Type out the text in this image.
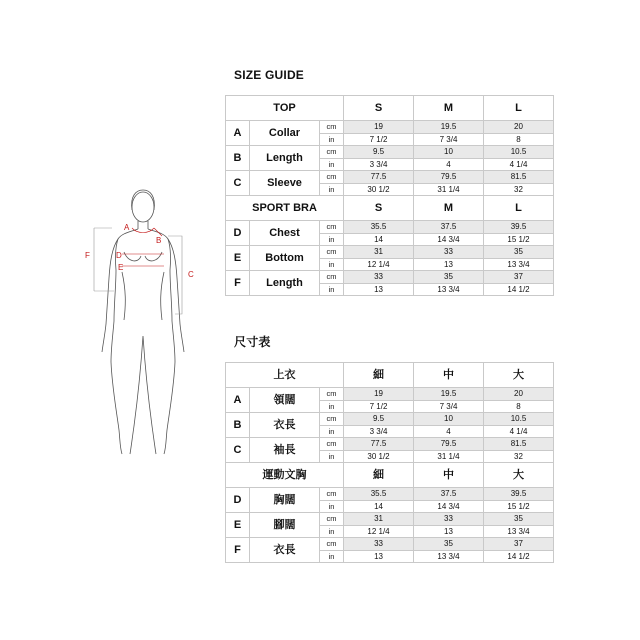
A
B
C
D
E
F
SIZE GUIDE
TOP			S	M	L
A	Collar	cm	19	19.5	20
		in	7 1/2	7 3/4	8
B	Length	cm	9.5	10	10.5
		in	3 3/4	4	4 1/4
C	Sleeve	cm	77.5	79.5	81.5
		in	30 1/2	31 1/4	32
SPORT BRA			S	M	L
D	Chest	cm	35.5	37.5	39.5
		in	14	14 3/4	15 1/2
E	Bottom	cm	31	33	35
		in	12 1/4	13	13 3/4
F	Length	cm	33	35	37
		in	13	13 3/4	14 1/2
尺寸表
上衣			細	中	大
A	領闊	cm	19	19.5	20
		in	7 1/2	7 3/4	8
B	衣長	cm	9.5	10	10.5
		in	3 3/4	4	4 1/4
C	袖長	cm	77.5	79.5	81.5
		in	30 1/2	31 1/4	32
運動文胸			細	中	大
D	胸闊	cm	35.5	37.5	39.5
		in	14	14 3/4	15 1/2
E	腳闊	cm	31	33	35
		in	12 1/4	13	13 3/4
F	衣長	cm	33	35	37
		in	13	13 3/4	14 1/2
